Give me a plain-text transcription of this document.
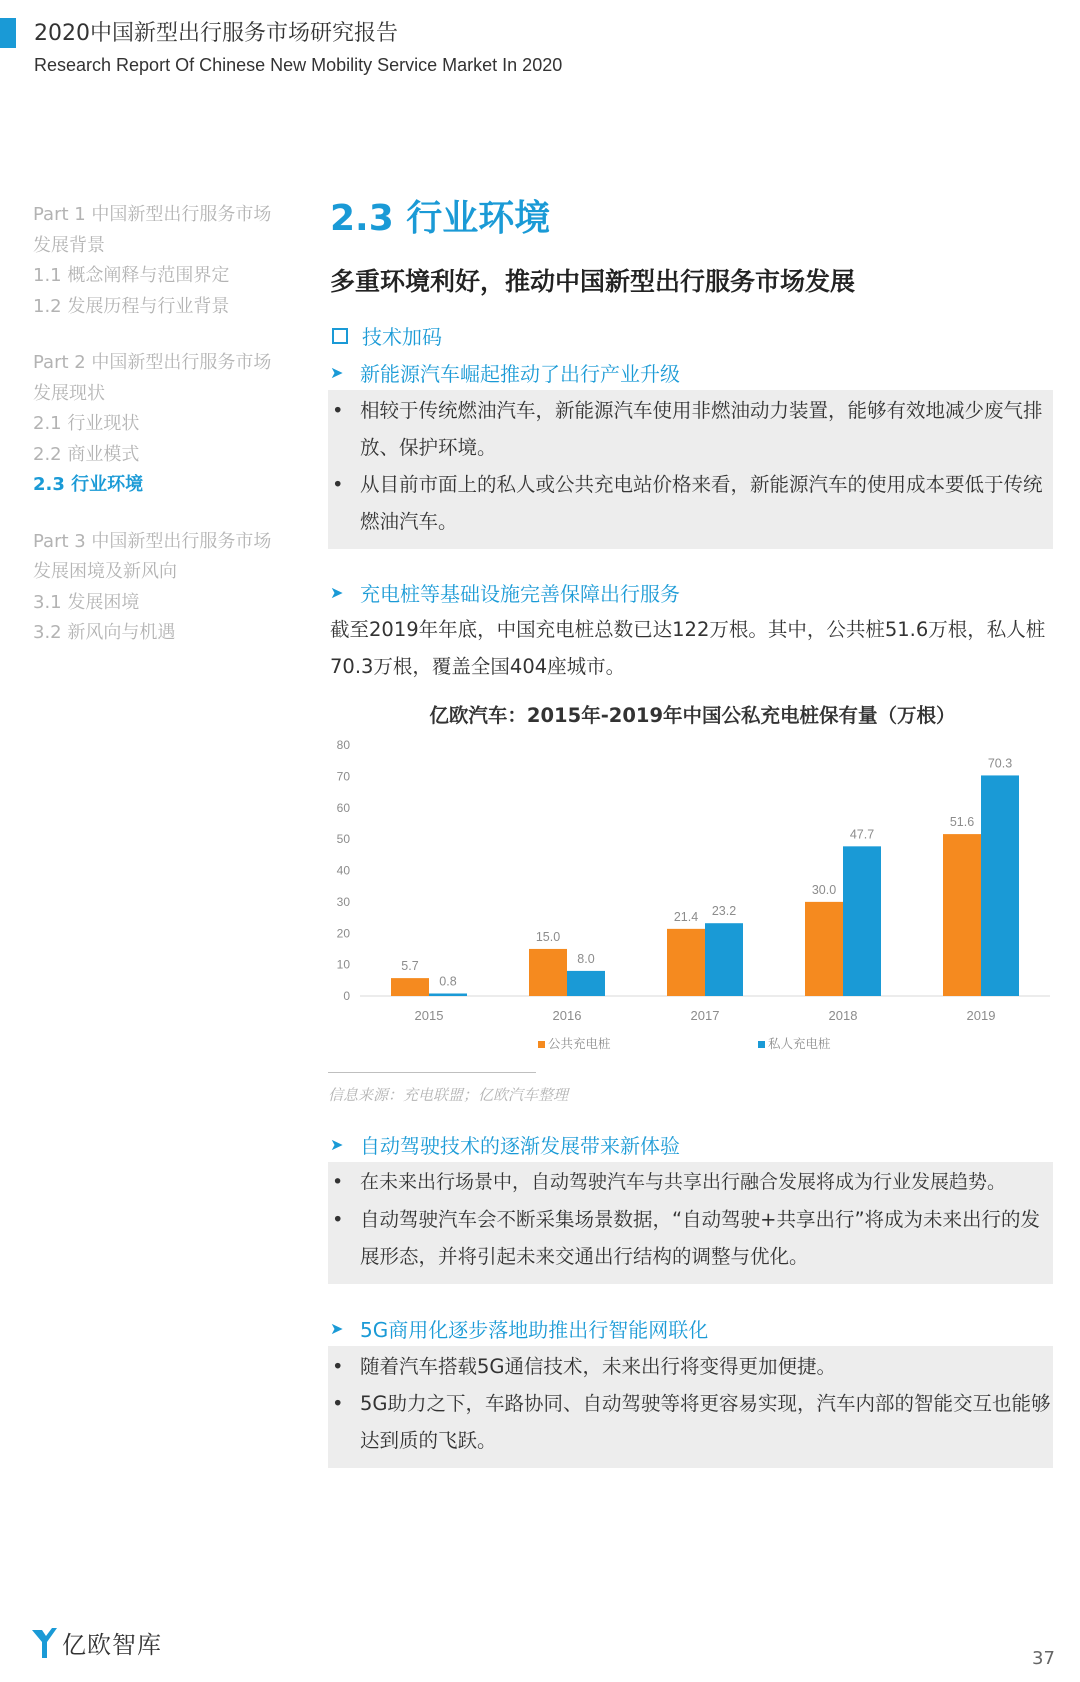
2020中国新型出行服务市场研究报告
Research Report Of Chinese New Mobility Service Market In 2020
Part 1 中国新型出行服务市场
发展背景
1.1 概念阐释与范围界定
1.2 发展历程与行业背景
Part 2 中国新型出行服务市场
发展现状
2.1 行业现状
2.2 商业模式
2.3 行业环境
Part 3 中国新型出行服务市场
发展困境及新风向
3.1 发展困境
3.2 新风向与机遇
2.3 行业环境
多重环境利好，推动中国新型出行服务市场发展
技术加码
➤ 新能源汽车崛起推动了出行产业升级
• 相较于传统燃油汽车，新能源汽车使用非燃油动力装置，能够有效地减少废气排放、保护环境。
• 从目前市面上的私人或公共充电站价格来看，新能源汽车的使用成本要低于传统燃油汽车。
➤ 充电桩等基础设施完善保障出行服务
截至2019年年底，中国充电桩总数已达122万根。其中，公共桩51.6万根，私人桩70.3万根，覆盖全国404座城市。
亿欧汽车：2015年-2019年中国公私充电桩保有量（万根）
0
10
20
30
40
50
60
70
80
5.7
0.8
2015
15.0
8.0
2016
21.4 23.2
2017
30.0
47.7
2018
51.6
70.3
2019
公共充电桩	私人充电桩
信息来源：充电联盟；亿欧汽车整理
➤ 自动驾驶技术的逐渐发展带来新体验
• 在未来出行场景中，自动驾驶汽车与共享出行融合发展将成为行业发展趋势。
• 自动驾驶汽车会不断采集场景数据，“自动驾驶+共享出行”将成为未来出行的发展形态，并将引起未来交通出行结构的调整与优化。
➤ 5G商用化逐步落地助推出行智能网联化
• 随着汽车搭载5G通信技术，未来出行将变得更加便捷。
• 5G助力之下，车路协同、自动驾驶等将更容易实现，汽车内部的智能交互也能够达到质的飞跃。
亿欧智库	37
